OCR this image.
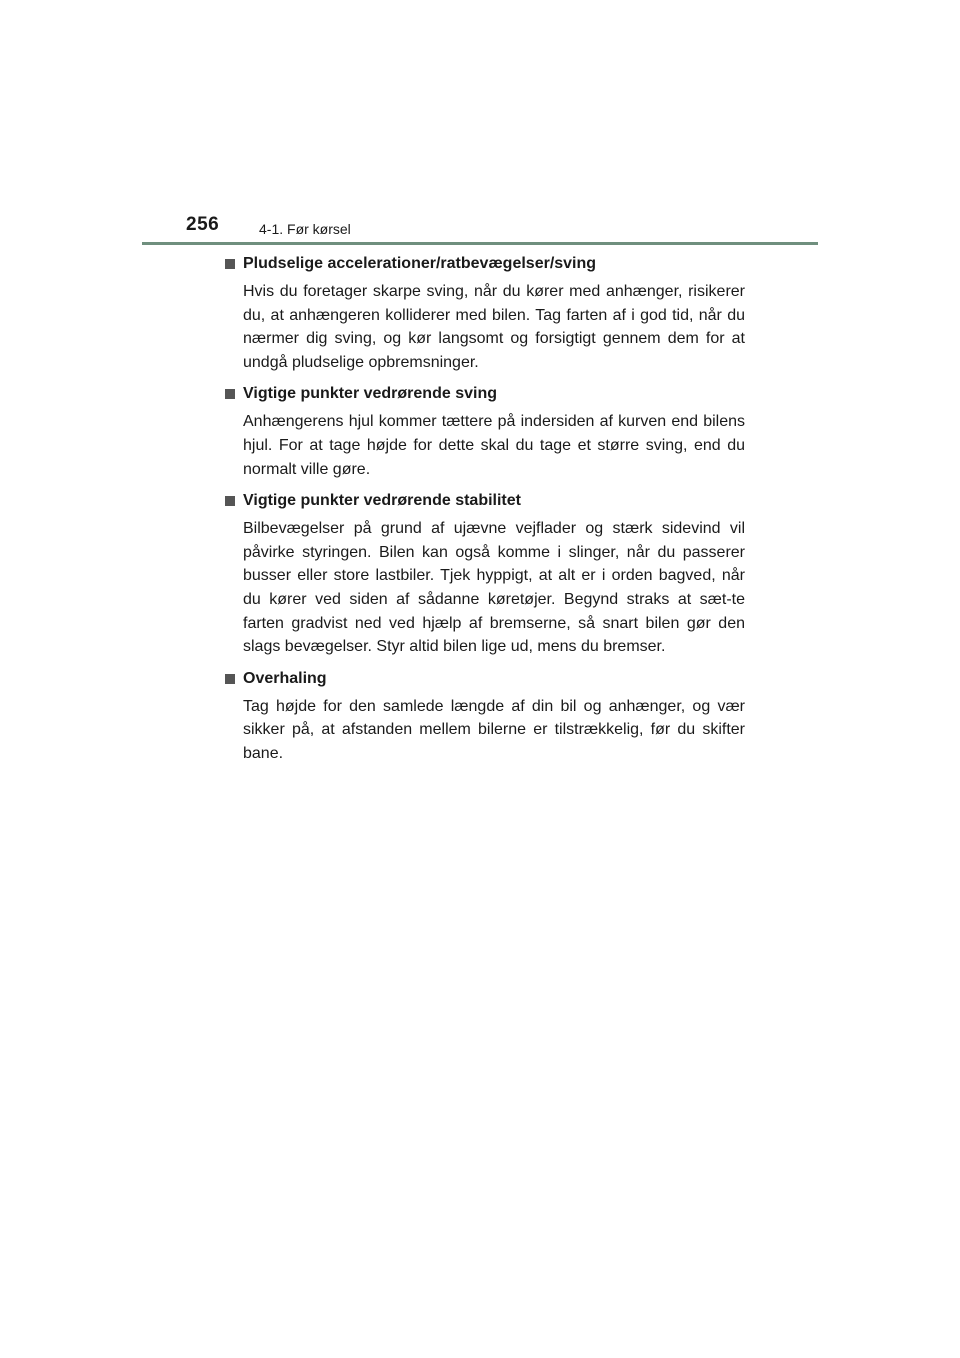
256	4-1. Før kørsel
Pludselige accelerationer/ratbevægelser/sving
Hvis du foretager skarpe sving, når du kører med anhænger, risikerer du, at anhængeren kolliderer med bilen. Tag farten af i god tid, når du nærmer dig sving, og kør langsomt og forsigtigt gennem dem for at undgå pludselige opbremsninger.
Vigtige punkter vedrørende sving
Anhængerens hjul kommer tættere på indersiden af kurven end bilens hjul. For at tage højde for dette skal du tage et større sving, end du normalt ville gøre.
Vigtige punkter vedrørende stabilitet
Bilbevægelser på grund af ujævne vejflader og stærk sidevind vil påvirke styringen. Bilen kan også komme i slinger, når du passerer busser eller store lastbiler. Tjek hyppigt, at alt er i orden bagved, når du kører ved siden af sådanne køretøjer. Begynd straks at sæt-te farten gradvist ned ved hjælp af bremserne, så snart bilen gør den slags bevægelser. Styr altid bilen lige ud, mens du bremser.
Overhaling
Tag højde for den samlede længde af din bil og anhænger, og vær sikker på, at afstanden mellem bilerne er tilstrækkelig, før du skifter bane.
